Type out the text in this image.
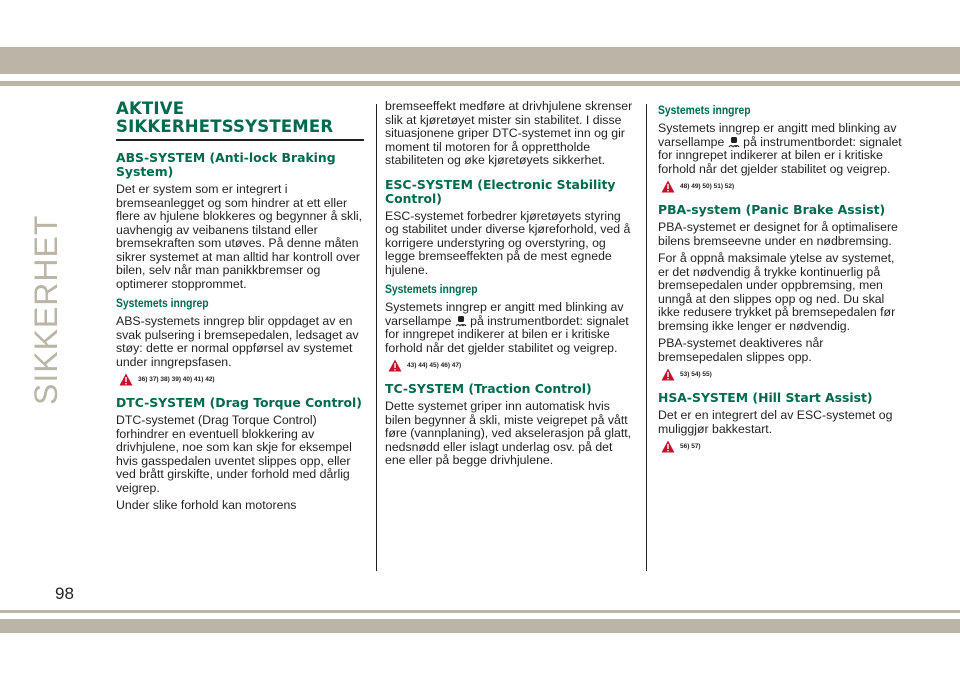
SIKKERHET
98
AKTIVE
SIKKERHETSSYSTEMER
ABS-SYSTEM (Anti-lock Braking System)

Det er system som er integrert i bremseanlegget og som hindrer at ett eller flere av hjulene blokkeres og begynner å skli, uavhengig av veibanens tilstand eller bremsekraften som utøves. På denne måten sikrer systemet at man alltid har kontroll over bilen, selv når man panikkbremser og optimerer stopprommet.

Systemets inngrep

ABS-systemets inngrep blir oppdaget av en svak pulsering i bremsepedalen, ledsaget av støy: dette er normal oppførsel av systemet under inngrepsfasen.

36) 37) 38) 39) 40) 41) 42)
DTC-SYSTEM (Drag Torque Control)

DTC-systemet (Drag Torque Control) forhindrer en eventuell blokkering av drivhjulene, noe som kan skje for eksempel hvis gasspedalen uventet slippes opp, eller ved brått girskifte, under forhold med dårlig veigrep.

Under slike forhold kan motorens

bremseeffekt medføre at drivhjulene skrenser slik at kjøretøyet mister sin stabilitet. I disse situasjonene griper DTC-systemet inn og gir moment til motoren for å opprettholde stabiliteten og øke kjøretøyets sikkerhet.

ESC-SYSTEM (Electronic Stability Control)

ESC-systemet forbedrer kjøretøyets styring og stabilitet under diverse kjøreforhold, ved å korrigere understyring og overstyring, og legge bremseeffekten på de mest egnede hjulene.

Systemets inngrep

Systemets inngrep er angitt med blinking av varsellampe på instrumentbordet: signalet for inngrepet indikerer at bilen er i kritiske forhold når det gjelder stabilitet og veigrep.

43) 44) 45) 46) 47)
TC-SYSTEM (Traction Control)

Dette systemet griper inn automatisk hvis bilen begynner å skli, miste veigrepet på vått føre (vannplaning), ved akselerasjon på glatt, nedsnødd eller islagt underlag osv. på det ene eller på begge drivhjulene.

Systemets inngrep

Systemets inngrep er angitt med blinking av varsellampe på instrumentbordet: signalet for inngrepet indikerer at bilen er i kritiske forhold når det gjelder stabilitet og veigrep.

48) 49) 50) 51) 52)
PBA-system (Panic Brake Assist)

PBA-systemet er designet for å optimalisere bilens bremseevne under en nødbremsing.

For å oppnå maksimale ytelse av systemet, er det nødvendig å trykke kontinuerlig på bremsepedalen under oppbremsing, men unngå at den slippes opp og ned. Du skal ikke redusere trykket på bremsepedalen før bremsing ikke lenger er nødvendig.

PBA-systemet deaktiveres når bremsepedalen slippes opp.

53) 54) 55)
HSA-SYSTEM (Hill Start Assist)

Det er en integrert del av ESC-systemet og muliggjør bakkestart.

56) 57)
